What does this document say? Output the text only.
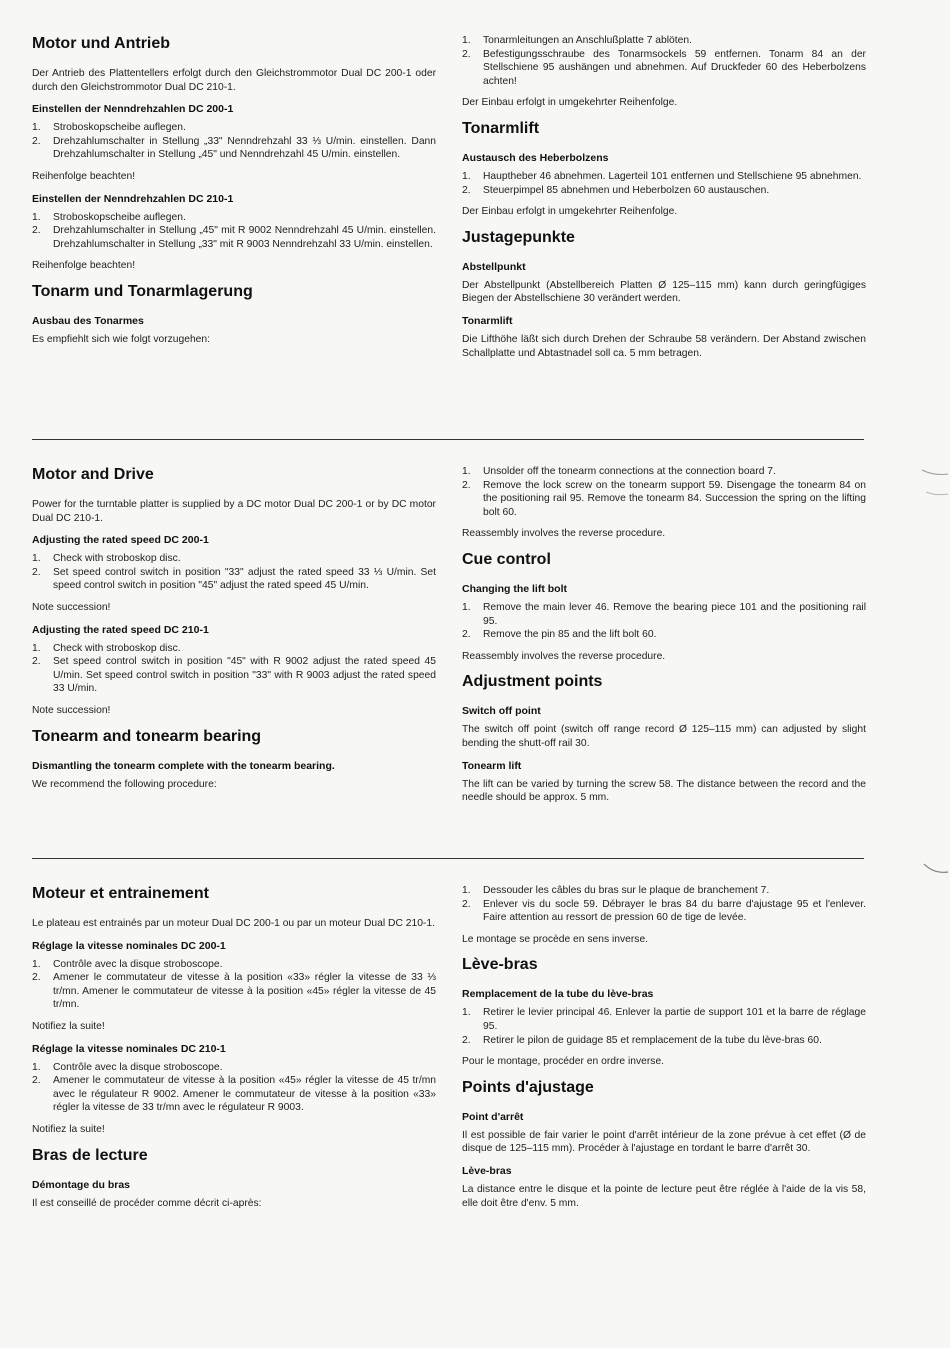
Motor und Antrieb

Der Antrieb des Plattentellers erfolgt durch den Gleichstrommotor Dual DC 200-1 oder durch den Gleichstrommotor Dual DC 210-1.

Einstellen der Nenndrehzahlen DC 200-1
1. Stroboskopscheibe auflegen.
2. Drehzahlumschalter in Stellung „33" Nenndrehzahl 33 ⅓ U/min. einstellen. Dann Drehzahlumschalter in Stellung „45" und Nenndrehzahl 45 U/min. einstellen.

Reihenfolge beachten!

Einstellen der Nenndrehzahlen DC 210-1
1. Stroboskopscheibe auflegen.
2. Drehzahlumschalter in Stellung „45" mit R 9002 Nenndrehzahl 45 U/min. einstellen. Drehzahlumschalter in Stellung „33" mit R 9003 Nenndrehzahl 33 U/min. einstellen.

Reihenfolge beachten!

Tonarm und Tonarmlagerung
Ausbau des Tonarmes

Es empfiehlt sich wie folgt vorzugehen:

1. Tonarmleitungen an Anschlußplatte 7 ablöten.
2. Befestigungsschraube des Tonarmsockels 59 entfernen. Tonarm 84 an der Stellschiene 95 aushängen und abnehmen. Auf Druckfeder 60 des Heberbolzens achten!

Der Einbau erfolgt in umgekehrter Reihenfolge.

Tonarmlift
Austausch des Heberbolzens
1. Hauptheber 46 abnehmen. Lagerteil 101 entfernen und Stellschiene 95 abnehmen.
2. Steuerpimpel 85 abnehmen und Heberbolzen 60 austauschen.

Der Einbau erfolgt in umgekehrter Reihenfolge.

Justagepunkte
Abstellpunkt

Der Abstellpunkt (Abstellbereich Platten Ø 125–115 mm) kann durch geringfügiges Biegen der Abstellschiene 30 verändert werden.

Tonarmlift

Die Lifthöhe läßt sich durch Drehen der Schraube 58 verändern. Der Abstand zwischen Schallplatte und Abtastnadel soll ca. 5 mm betragen.

Motor and Drive

Power for the turntable platter is supplied by a DC motor Dual DC 200-1 or by DC motor Dual DC 210-1.

Adjusting the rated speed DC 200-1
1. Check with stroboskop disc.
2. Set speed control switch in position "33" adjust the rated speed 33 ⅓ U/min. Set speed control switch in position "45" adjust the rated speed 45 U/min.

Note succession!

Adjusting the rated speed DC 210-1
1. Check with stroboskop disc.
2. Set speed control switch in position "45" with R 9002 adjust the rated speed 45 U/min. Set speed control switch in position "33" with R 9003 adjust the rated speed 33 U/min.

Note succession!

Tonearm and tonearm bearing
Dismantling the tonearm complete with the tonearm bearing.

We recommend the following procedure:

1. Unsolder off the tonearm connections at the connection board 7.
2. Remove the lock screw on the tonearm support 59. Disengage the tonearm 84 on the positioning rail 95. Remove the tonearm 84. Succession the spring on the lifting bolt 60.

Reassembly involves the reverse procedure.

Cue control
Changing the lift bolt
1. Remove the main lever 46. Remove the bearing piece 101 and the positioning rail 95.
2. Remove the pin 85 and the lift bolt 60.

Reassembly involves the reverse procedure.

Adjustment points
Switch off point

The switch off point (switch off range record Ø 125–115 mm) can adjusted by slight bending the shutt-off rail 30.

Tonearm lift

The lift can be varied by turning the screw 58. The distance between the record and the needle should be approx. 5 mm.

Moteur et entrainement

Le plateau est entrainés par un moteur Dual DC 200-1 ou par un moteur Dual DC 210-1.

Réglage la vitesse nominales DC 200-1
1. Contrôle avec la disque stroboscope.
2. Amener le commutateur de vitesse à la position «33» régler la vitesse de 33 ⅓ tr/mn. Amener le commutateur de vitesse à la position «45» régler la vitesse de 45 tr/mn.

Notifiez la suite!

Réglage la vitesse nominales DC 210-1
1. Contrôle avec la disque stroboscope.
2. Amener le commutateur de vitesse à la position «45» régler la vitesse de 45 tr/mn avec le régulateur R 9002. Amener le commutateur de vitesse à la position «33» régler la vitesse de 33 tr/mn avec le régulateur R 9003.

Notifiez la suite!

Bras de lecture
Démontage du bras

Il est conseillé de procéder comme décrit ci-après:

1. Dessouder les câbles du bras sur le plaque de branchement 7.
2. Enlever vis du socle 59. Débrayer le bras 84 du barre d'ajustage 95 et l'enlever. Faire attention au ressort de pression 60 de tige de levée.

Le montage se procède en sens inverse.

Lève-bras
Remplacement de la tube du lève-bras
1. Retirer le levier principal 46. Enlever la partie de support 101 et la barre de réglage 95.
2. Retirer le pilon de guidage 85 et remplacement de la tube du lève-bras 60.

Pour le montage, procéder en ordre inverse.

Points d'ajustage
Point d'arrêt

Il est possible de fair varier le point d'arrêt intérieur de la zone prévue à cet effet (Ø de disque de 125–115 mm). Procéder à l'ajustage en tordant le barre d'arrêt 30.

Lève-bras

La distance entre le disque et la pointe de lecture peut être réglée à l'aide de la vis 58, elle doit être d'env. 5 mm.
